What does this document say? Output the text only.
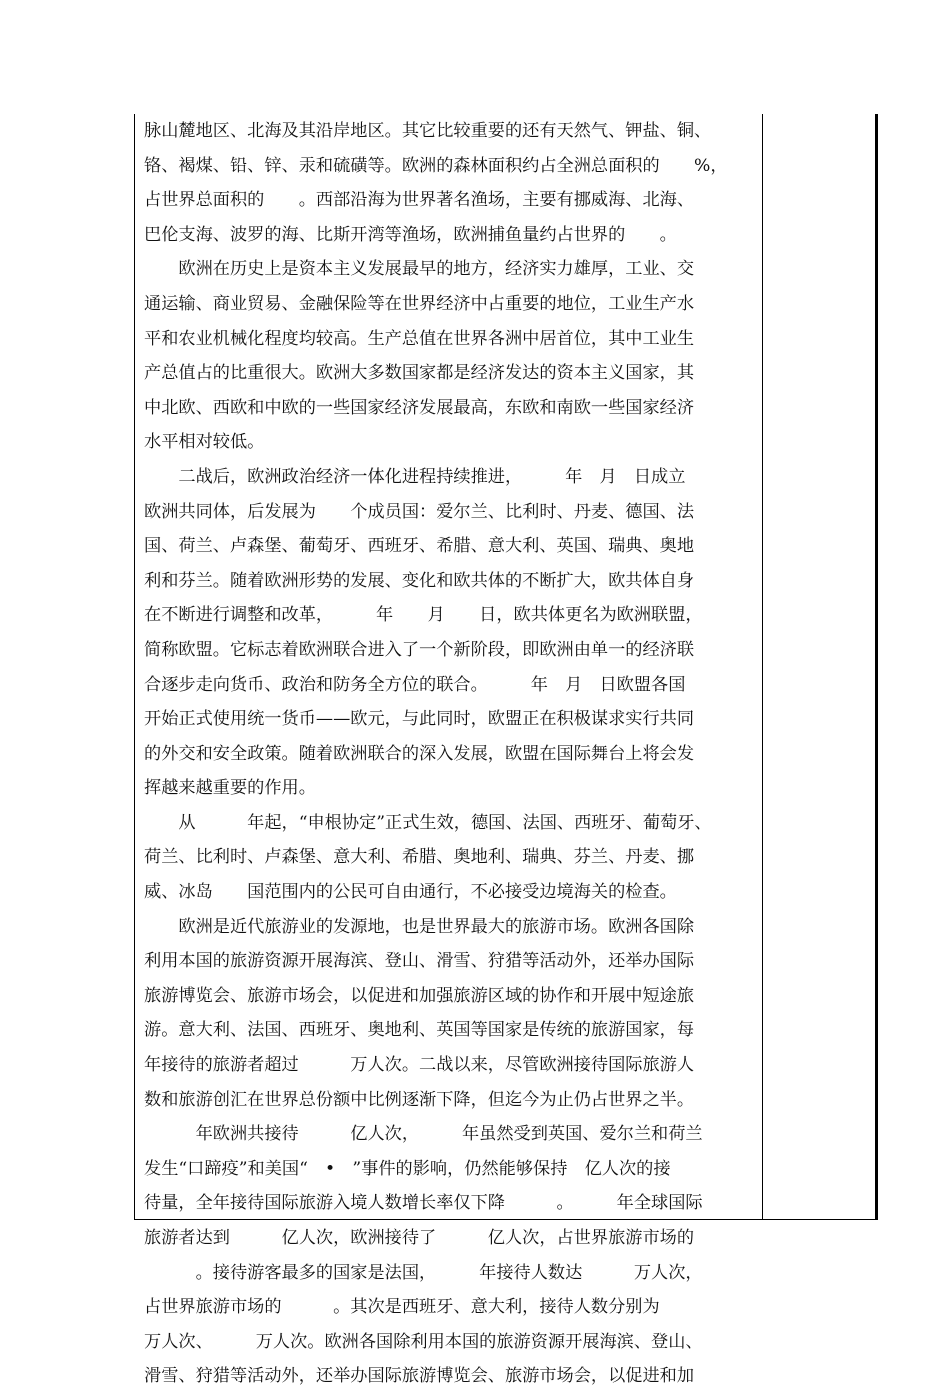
脉山麓地区、北海及其沿岸地区。其它比较重要的还有天然气、钾盐、铜、
铬、褐煤、铅、锌、汞和硫磺等。欧洲的森林面积约占全洲总面积的　　%，
占世界总面积的　　。西部沿海为世界著名渔场，主要有挪威海、北海、
巴伦支海、波罗的海、比斯开湾等渔场，欧洲捕鱼量约占世界的　　。
　　欧洲在历史上是资本主义发展最早的地方，经济实力雄厚，工业、交
通运输、商业贸易、金融保险等在世界经济中占重要的地位，工业生产水
平和农业机械化程度均较高。生产总值在世界各洲中居首位，其中工业生
产总值占的比重很大。欧洲大多数国家都是经济发达的资本主义国家，其
中北欧、西欧和中欧的一些国家经济发展最高，东欧和南欧一些国家经济
水平相对较低。
　　二战后，欧洲政治经济一体化进程持续推进，　　　年　月　日成立
欧洲共同体，后发展为　　个成员国：爱尔兰、比利时、丹麦、德国、法
国、荷兰、卢森堡、葡萄牙、西班牙、希腊、意大利、英国、瑞典、奥地
利和芬兰。随着欧洲形势的发展、变化和欧共体的不断扩大，欧共体自身
在不断进行调整和改革，　　　年　　月　　日，欧共体更名为欧洲联盟，
简称欧盟。它标志着欧洲联合进入了一个新阶段，即欧洲由单一的经济联
合逐步走向货币、政治和防务全方位的联合。　　　年　月　日欧盟各国
开始正式使用统一货币——欧元，与此同时，欧盟正在积极谋求实行共同
的外交和安全政策。随着欧洲联合的深入发展，欧盟在国际舞台上将会发
挥越来越重要的作用。
　　从　　　年起，“申根协定”正式生效，德国、法国、西班牙、葡萄牙、
荷兰、比利时、卢森堡、意大利、希腊、奥地利、瑞典、芬兰、丹麦、挪
威、冰岛　　国范围内的公民可自由通行，不必接受边境海关的检查。
　　欧洲是近代旅游业的发源地，也是世界最大的旅游市场。欧洲各国除
利用本国的旅游资源开展海滨、登山、滑雪、狩猎等活动外，还举办国际
旅游博览会、旅游市场会，以促进和加强旅游区域的协作和开展中短途旅
游。意大利、法国、西班牙、奥地利、英国等国家是传统的旅游国家，每
年接待的旅游者超过　　　万人次。二战以来，尽管欧洲接待国际旅游人
数和旅游创汇在世界总份额中比例逐渐下降，但迄今为止仍占世界之半。
　　　年欧洲共接待　　　亿人次，　　　年虽然受到英国、爱尔兰和荷兰
发生“口蹄疫”和美国“　•　”事件的影响，仍然能够保持　亿人次的接
待量，全年接待国际旅游入境人数增长率仅下降　　　。　　　年全球国际
旅游者达到　　　亿人次，欧洲接待了　　　亿人次，占世界旅游市场的
　　　。接待游客最多的国家是法国，　　　年接待人数达　　　万人次，
占世界旅游市场的　　　。其次是西班牙、意大利，接待人数分别为
万人次、　　　万人次。欧洲各国除利用本国的旅游资源开展海滨、登山、
滑雪、狩猎等活动外，还举办国际旅游博览会、旅游市场会，以促进和加
